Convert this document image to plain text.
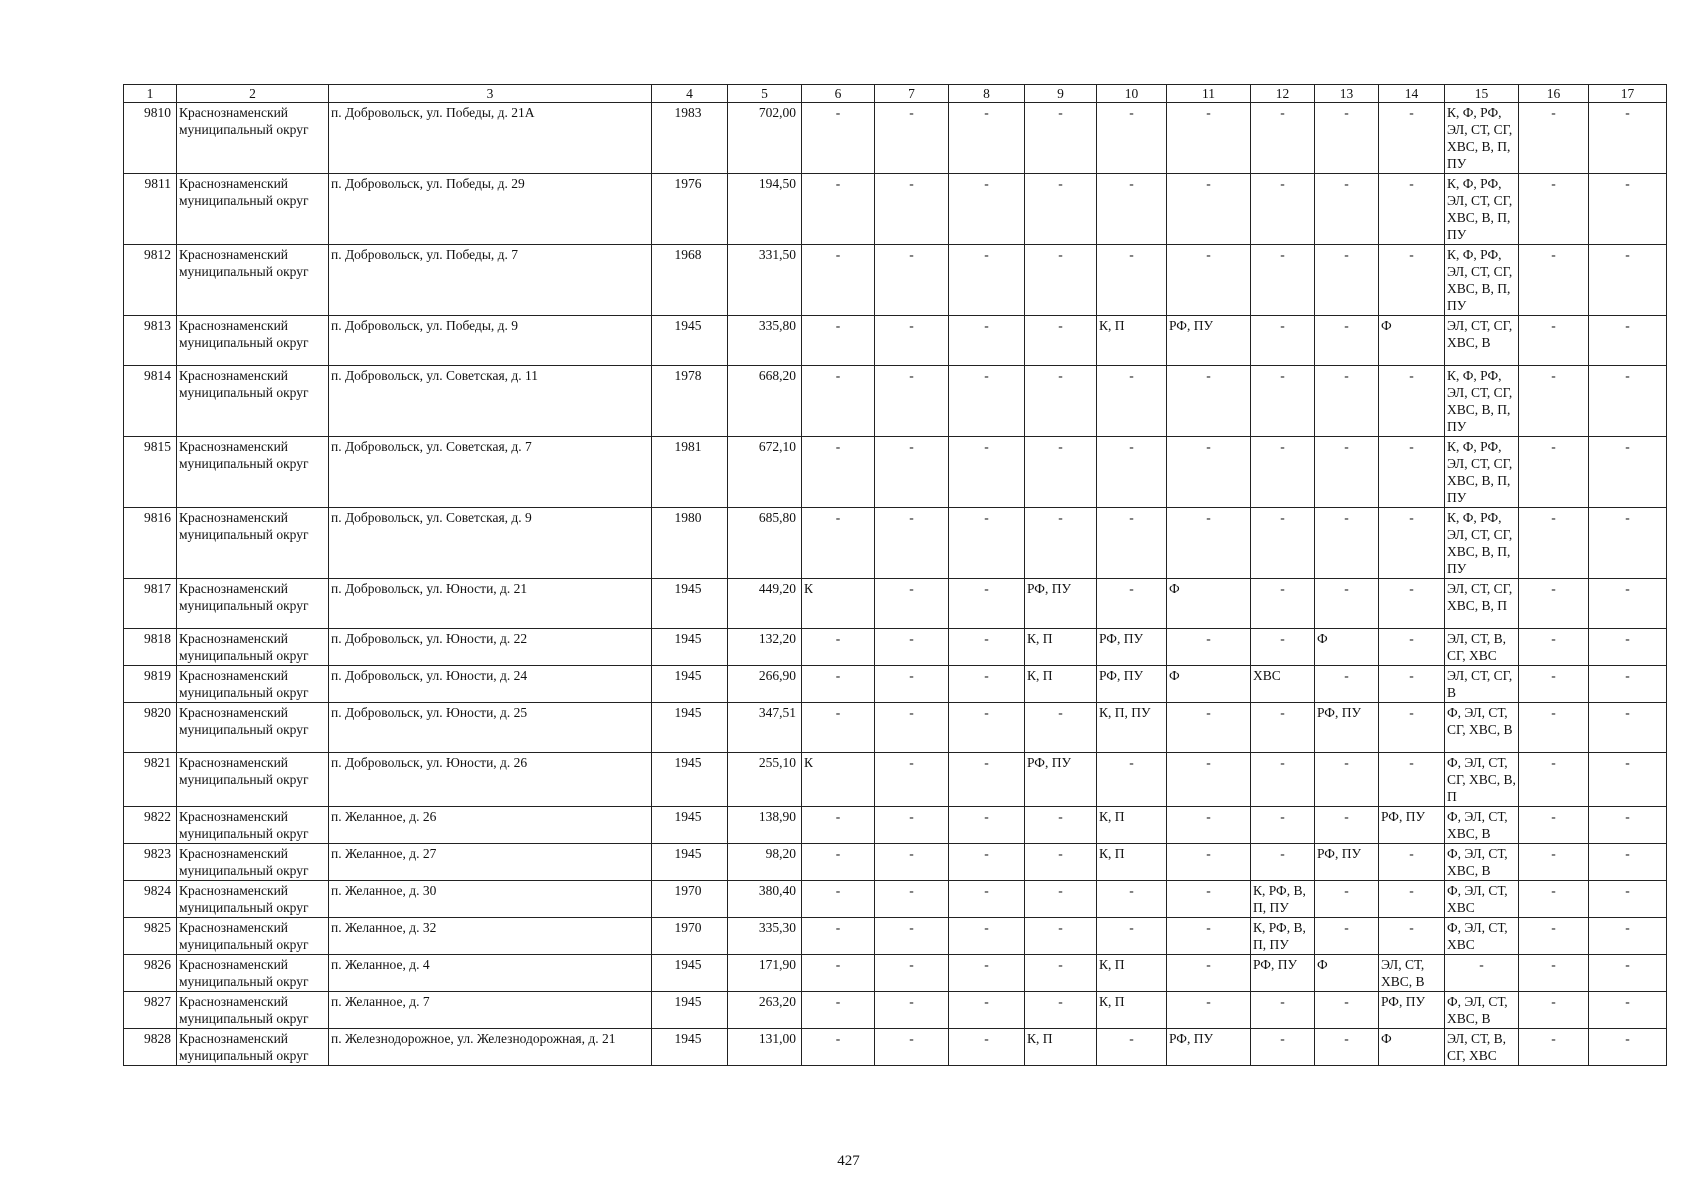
1	2	3	4	5	6	7	8	9	10	11	12	13	14	15	16	17
9810	Краснознаменский муниципальный округ	п. Добровольск, ул. Победы, д. 21А	1983	702,00	-	-	-	-	-	-	-	-	-	К, Ф, РФ, ЭЛ, СТ, СГ, ХВС, В, П, ПУ	-	-
9811	Краснознаменский муниципальный округ	п. Добровольск, ул. Победы, д. 29	1976	194,50	-	-	-	-	-	-	-	-	-	К, Ф, РФ, ЭЛ, СТ, СГ, ХВС, В, П, ПУ	-	-
9812	Краснознаменский муниципальный округ	п. Добровольск, ул. Победы, д. 7	1968	331,50	-	-	-	-	-	-	-	-	-	К, Ф, РФ, ЭЛ, СТ, СГ, ХВС, В, П, ПУ	-	-
9813	Краснознаменский муниципальный округ	п. Добровольск, ул. Победы, д. 9	1945	335,80	-	-	-	-	К, П	РФ, ПУ	-	-	Ф	ЭЛ, СТ, СГ, ХВС, В	-	-
9814	Краснознаменский муниципальный округ	п. Добровольск, ул. Советская, д. 11	1978	668,20	-	-	-	-	-	-	-	-	-	К, Ф, РФ, ЭЛ, СТ, СГ, ХВС, В, П, ПУ	-	-
9815	Краснознаменский муниципальный округ	п. Добровольск, ул. Советская, д. 7	1981	672,10	-	-	-	-	-	-	-	-	-	К, Ф, РФ, ЭЛ, СТ, СГ, ХВС, В, П, ПУ	-	-
9816	Краснознаменский муниципальный округ	п. Добровольск, ул. Советская, д. 9	1980	685,80	-	-	-	-	-	-	-	-	-	К, Ф, РФ, ЭЛ, СТ, СГ, ХВС, В, П, ПУ	-	-
9817	Краснознаменский муниципальный округ	п. Добровольск, ул. Юности, д. 21	1945	449,20	К	-	-	РФ, ПУ	-	Ф	-	-	-	ЭЛ, СТ, СГ, ХВС, В, П	-	-
9818	Краснознаменский муниципальный округ	п. Добровольск, ул. Юности, д. 22	1945	132,20	-	-	-	К, П	РФ, ПУ	-	-	Ф	-	ЭЛ, СТ, В, СГ, ХВС	-	-
9819	Краснознаменский муниципальный округ	п. Добровольск, ул. Юности, д. 24	1945	266,90	-	-	-	К, П	РФ, ПУ	Ф	ХВС	-	-	ЭЛ, СТ, СГ, В	-	-
9820	Краснознаменский муниципальный округ	п. Добровольск, ул. Юности, д. 25	1945	347,51	-	-	-	-	К, П, ПУ	-	-	РФ, ПУ	-	Ф, ЭЛ, СТ, СГ, ХВС, В	-	-
9821	Краснознаменский муниципальный округ	п. Добровольск, ул. Юности, д. 26	1945	255,10	К	-	-	РФ, ПУ	-	-	-	-	-	Ф, ЭЛ, СТ, СГ, ХВС, В, П	-	-
9822	Краснознаменский муниципальный округ	п. Желанное, д. 26	1945	138,90	-	-	-	-	К, П	-	-	-	РФ, ПУ	Ф, ЭЛ, СТ, ХВС, В	-	-
9823	Краснознаменский муниципальный округ	п. Желанное, д. 27	1945	98,20	-	-	-	-	К, П	-	-	РФ, ПУ	-	Ф, ЭЛ, СТ, ХВС, В	-	-
9824	Краснознаменский муниципальный округ	п. Желанное, д. 30	1970	380,40	-	-	-	-	-	-	К, РФ, В, П, ПУ	-	-	Ф, ЭЛ, СТ, ХВС	-	-
9825	Краснознаменский муниципальный округ	п. Желанное, д. 32	1970	335,30	-	-	-	-	-	-	К, РФ, В, П, ПУ	-	-	Ф, ЭЛ, СТ, ХВС	-	-
9826	Краснознаменский муниципальный округ	п. Желанное, д. 4	1945	171,90	-	-	-	-	К, П	-	РФ, ПУ	Ф	ЭЛ, СТ, ХВС, В	-	-	-
9827	Краснознаменский муниципальный округ	п. Желанное, д. 7	1945	263,20	-	-	-	-	К, П	-	-	-	РФ, ПУ	Ф, ЭЛ, СТ, ХВС, В	-	-
9828	Краснознаменский муниципальный округ	п. Железнодорожное, ул. Железнодорожная, д. 21	1945	131,00	-	-	-	К, П	-	РФ, ПУ	-	-	Ф	ЭЛ, СТ, В, СГ, ХВС	-	-
427
